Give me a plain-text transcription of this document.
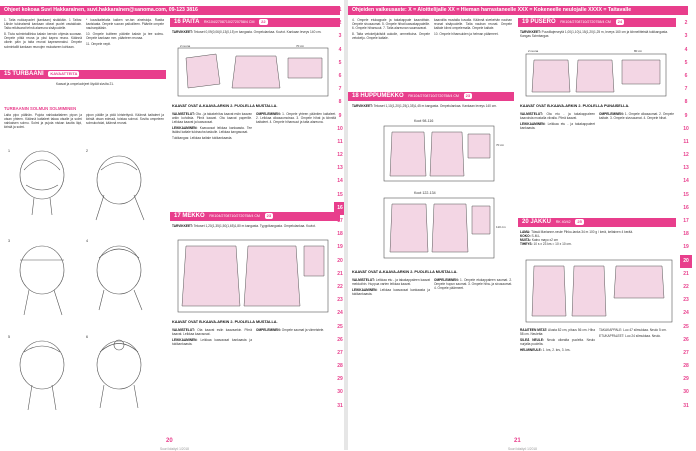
Ohjeet kokoaa Suvi Hakkarainen, suvi.hakkarainen@sanoma.com, 09-123 3816
1. Taita nukkapuolet (kankaan) sisäkkäin. 1 Taitos: Lähde tukinaisesti kankaan oikeat puolet vastakkain. Taita reikävarat tehnä alareuna sisäpuolelle.
8. Tiuta solmintalliinka kaksin kerroin ohjesta suoraan. Ompele pitkä reuna ja yksi kapea reuna. Käännä oikein päin ja taita reunat kapeammaksi. Ompele solmintallit kankaan reunojen mukaiseen kohtaan.
* kuusikaitelaita kaiken se-tan aineistoja. Rastta kaxisiaata. Ompele suoran paikoilleen. Pääntie ompele nauhanpääsin.
10. Ompele kuitteen pääntie kaksin ja tee solmu. Ompele kankaan mm. päänteen reunaa.
11. Ompele nepit.
15 TURBAANI KAVAATTEITA
Kaavat ja ompeluohjeet löydät sivulta 21.
TURBAANIN SOLMUN SOLMIMINEN
Laita pipo päähän. Pujota nahkakaitaleen pipon ja otsan yhteen. Käännä kaitaleet takaa otsalle ja solmi nahkaisen solmu. Solmi ja pujota niskan kautta läpi, kiristä ja solmi.
pipon päälle ja pidä kiristettynä. Käännä kaitaleet ja kiristä otsan edessä, toistaa solmut. Sovita ompeleen solmukohdat, käännä reunat.
1	2
3	4
5	6
16 PAITA RK104/2708710/2720758/4 CM 22
TARVIKKEET: Tekoset 0,09(0,06)0,13(0,15) m kangasta. Ompelulankaa. Kuviot. Kankaan leveys 140 cm.
2 reuna	70 cm
KAAVAT OVAT A-KAAVA-ARKIN 2. PUOLELLA MUSTALLA.
VALMISTELUT: Ota - ja takakehitus kaavat esiin kaavan arkin kohdista. Piirrä kaavat. Ota kaavat paperille. Leikkaa kaavat ja kaavaosat.
LEIKKAAMINEN: Kaavaosat leikkaa kankaasta. Tee lisäksi kaitale tukinauha taskulle. Leikkaa kangasosat.
Tukikangas: Leikkaa kaitale tukikankaasta.
OMPELEMINEN: 1. Ompele yhteen pääntien kaitaleet. 2. Leikkaa olkasaumoissa. 3. Ompele hihat ja kiinnitä kaitaleet. 4. Ompele hihansuut ja taita alareuna.
17 MEKKO RK104/2708710/2720758/4 CM 23
TARVIKKEET: Tekoset 1,20(1,35)1,50(1,65)1,80 m kangasta. Tyyppikangasta. Ompelulankaa. Kuviot.
KAAVAT OVAT B-KAAVA-ARKIN 2. PUOLELLA MUSTALLA.
VALMISTELUT: Ota kaavat esiin kaavaarkin. Piirrä kaavat. Leikkaa kaavaosat.
LEIKKAAMINEN: Leikkaa kaavaosat kankaasta ja tukikankaasta.
OMPELEMINEN: Ompele saumat ja viimeistele.
20
Suuri käsityö 1/2018
1
2
3
4
5
6
7
8
9
10
11
12
13
14
15
16
17
18
19
20
21
22
23
24
25
26
27
28
29
30
31
Ohjeiden vaikeusaste: X = Aloittelijalle XX = Hieman harrastaneelle XXX = Kokeneelle neulojalle XXXX = Taitavalle
4. Ompele etukappale ja takakappale kaavoittain. Ompele sivusaumat. 5. Ompele hihat kaavakappaleille. 6. Ompele hihansuut. 7. Taita alareunan saumavarat.
8. Taita vetoketjukiiskit aukolle, ommeltuina. Ompele vetoketju. Ompele kaitale.
kaavoilta mustalla kuvalla. Käännä sivekehän nauhan reunat sisäpuolelle. Taita nauhan reunat. Ompele kaitale kiinni ompelemalla. Ompele kaitale.
10. Ompele hihansuiden ja helman päärmeet.
18 HUPPUMEKKO RK104/2708710/2720758/4 CM 23
TARVIKKEET: Tekoset 1,10(1,20)1,25(1,35)1,45 m kangasta. Ompelulankaa. Kankaan leveys 140 cm.
Koot 98-116
70 cm
Koot 122-134
110 cm
KAAVAT OVAT A-KAAVA-ARKIN 2. PUOLELLA MUSTALLA.
VALMISTELUT: Leikkaa etu - ja takakappaleen kaavat mekkoihin. Huppua varten leikkaa kaavat.
LEIKKAAMINEN: Leikkaa kaavaosat kankaasta ja tukikankaasta.
OMPELEMINEN: 1. Ompele etukappaleen saumat. 2. Ompele hupun saumat. 3. Ompele hiha- ja sivusaumat. 4. Ompele päärmeet.
19 PUSERO RK104/2708710/2720758/4 CM 24
TARVIKKEET: Puuvillajerseytä 1,00(1,10)1,15(1,20)1,25 m, leveys 160 cm ja kiinnelitteistä tukikangasta.
Kangas Szimbargas
2 reuna	80 cm
KAAVAT OVAT B-KAAVA-ARKIN 2. PUOLELLA PUNAISELLA.
VALMISTELUT: Ota etu - ja takakappaleen kaavoista mustalla viivalla. Piirrä kaavat.
LEIKKAAMINEN: Leikkaa etu - ja takakappaleet kankaasta.
OMPELEMINEN: 1. Ompele olkasaumat. 2. Ompele kaitale. 3. Ompele sivusaumat. 4. Ompele hihat.
20 JAKKU RK 40/42 25
LAMA: Tässä Marianne-neule Pihko-lanka 34 m 100 g / kerä, keltainen 4 kerää.
KOKO: S-M-L
MUITA: Kaino mayo x2 cm
TIHEYS: 10 s x 23 krs = 10 x 10 cm.
RAAITEEN MITAT: Alusta 82 cm, pituus 56 cm. Hiha 58 cm. Neuletta:
SILEÄ NEULE: Neulo oikealta puolelta. Neulo nurjalta puolelta.
HELMINEULE: 1. krs, 2. krs, 3. krs.
TAKAKAPPALE: Luo 47 silmukkaa. Neulo 5 cm.
ETUKAPPALEET: Luo 24 silmukkaa. Neulo.
21
Suuri käsityö 1/2018
1
2
3
4
5
6
7
8
9
10
11
12
13
14
15
16
17
18
19
20
21
22
23
24
25
26
27
28
29
30
31
